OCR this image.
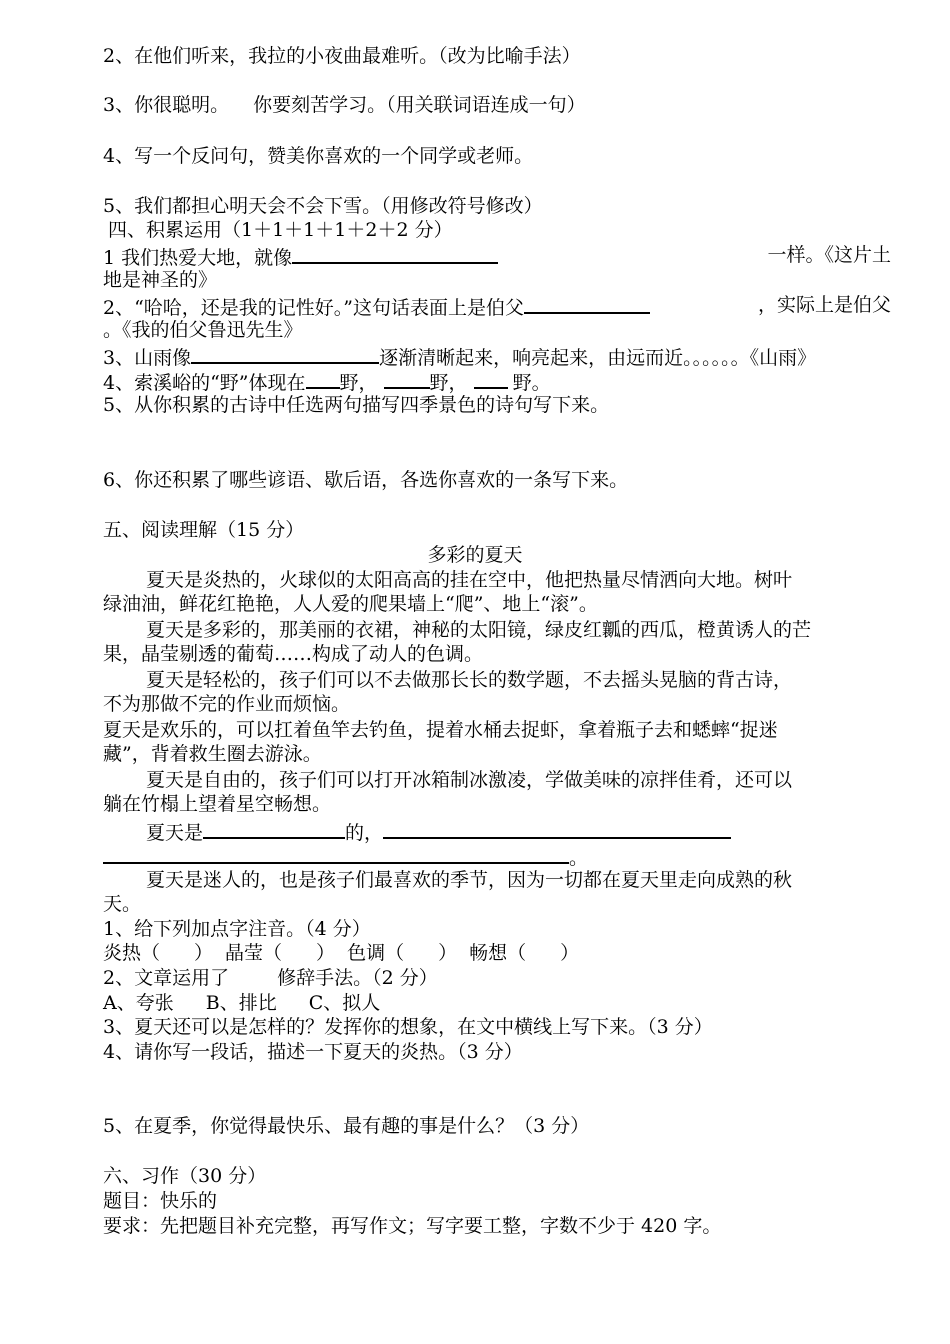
2、在他们听来，我拉的小夜曲最难听。（改为比喻手法）
3、你很聪明。 你要刻苦学习。（用关联词语连成一句）
4、写一个反问句，赞美你喜欢的一个同学或老师。
5、我们都担心明天会不会下雪。（用修改符号修改）
四、积累运用（1＋1＋1＋1＋2＋2 分）
1 我们热爱大地，就像	一样。《这片土
地是神圣的》
2、“哈哈，还是我的记性好。”这句话表面上是伯父	，实际上是伯父
。《我的伯父鲁迅先生》
3、山雨像	逐渐清晰起来，响亮起来，由远而近。。。。。。《山雨》
4、索溪峪的“野”体现在 野，	野， 野。
5、从你积累的古诗中任选两句描写四季景色的诗句写下来。
6、你还积累了哪些谚语、歇后语，各选你喜欢的一条写下来。
五、阅读理解（15 分）
多彩的夏天
夏天是炎热的，火球似的太阳高高的挂在空中，他把热量尽情洒向大地。树叶
绿油油，鲜花红艳艳，人人爱的爬果墙上“爬”、地上“滚”。
夏天是多彩的，那美丽的衣裙，神秘的太阳镜，绿皮红瓤的西瓜，橙黄诱人的芒
果，晶莹剔透的葡萄……构成了动人的色调。
夏天是轻松的，孩子们可以不去做那长长的数学题，不去摇头晃脑的背古诗，
不为那做不完的作业而烦恼。
夏天是欢乐的，可以扛着鱼竿去钓鱼，提着水桶去捉虾，拿着瓶子去和蟋蟀“捉迷
藏”，背着救生圈去游泳。
夏天是自由的，孩子们可以打开冰箱制冰激凌，学做美味的凉拌佳肴，还可以
躺在竹榻上望着星空畅想。
夏天是	的，
。
夏天是迷人的，也是孩子们最喜欢的季节，因为一切都在夏天里走向成熟的秋
天。
1、给下列加点字注音。（4 分）
炎热（ ） 晶莹（ ） 色调（ ） 畅想（ ）
2、文章运用了	修辞手法。（2 分）
A、夸张 B、排比 C、拟人
3、夏天还可以是怎样的？发挥你的想象，在文中横线上写下来。（3 分）
4、请你写一段话，描述一下夏天的炎热。（3 分）
5、在夏季，你觉得最快乐、最有趣的事是什么？（3 分）
六、习作（30 分）
题目：快乐的
要求：先把题目补充完整，再写作文；写字要工整，字数不少于 420 字。
